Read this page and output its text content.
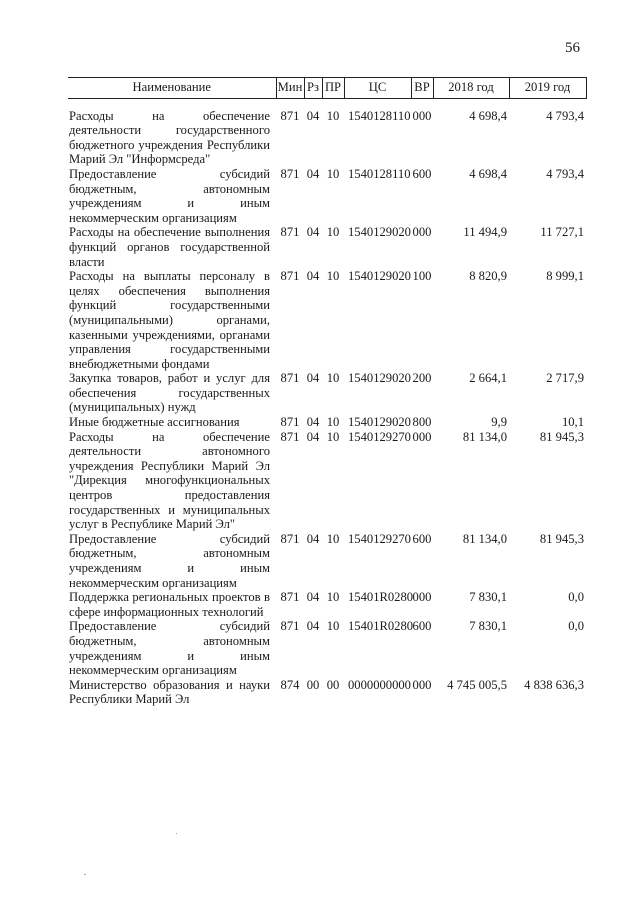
56
Наименование	Мин	Рз	ПР	ЦС	ВР	2018 год	2019 год
Расходы на обеспечение деятельности государственного бюджетного учреждения Республики Марий Эл "Информсреда"	871	04	10	1540128110	000	4 698,4	4 793,4
Предоставление субсидий бюджетным, автономным учреждениям и иным некоммерческим организациям	871	04	10	1540128110	600	4 698,4	4 793,4
Расходы на обеспечение выполнения функций органов государственной власти	871	04	10	1540129020	000	11 494,9	11 727,1
Расходы на выплаты персоналу в целях обеспечения выполнения функций государственными (муниципальными) органами, казенными учреждениями, органами управления государственными внебюджетными фондами	871	04	10	1540129020	100	8 820,9	8 999,1
Закупка товаров, работ и услуг для обеспечения государственных (муниципальных) нужд	871	04	10	1540129020	200	2 664,1	2 717,9
Иные бюджетные ассигнования	871	04	10	1540129020	800	9,9	10,1
Расходы на обеспечение деятельности автономного учреждения Республики Марий Эл "Дирекция многофункциональных центров предоставления государственных и муниципальных услуг в Республике Марий Эл"	871	04	10	1540129270	000	81 134,0	81 945,3
Предоставление субсидий бюджетным, автономным учреждениям и иным некоммерческим организациям	871	04	10	1540129270	600	81 134,0	81 945,3
Поддержка региональных проектов в сфере информационных технологий	871	04	10	15401R0280	000	7 830,1	0,0
Предоставление субсидий бюджетным, автономным учреждениям и иным некоммерческим организациям	871	04	10	15401R0280	600	7 830,1	0,0
Министерство образования и науки Республики Марий Эл	874	00	00	0000000000	000	4 745 005,5	4 838 636,3
